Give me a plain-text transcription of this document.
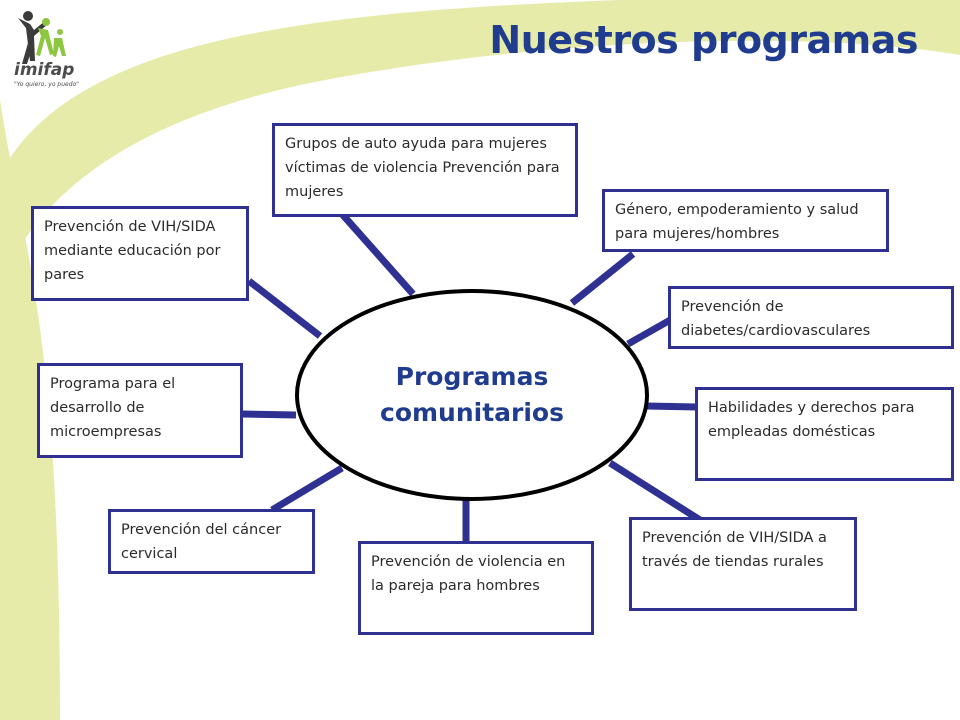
imifap
"Yo quiero, yo puedo"
Nuestros programas
Programas comunitarios
Grupos de auto ayuda para mujeres víctimas de violencia Prevención para mujeres
Género, empoderamiento y salud para mujeres/hombres
Prevención de diabetes/cardiovasculares
Habilidades y derechos para empleadas domésticas
Prevención de VIH/SIDA a través de tiendas rurales
Prevención de violencia en la pareja para hombres
Prevención del cáncer cervical
Programa para el desarrollo de microempresas
Prevención de VIH/SIDA mediante educación por pares
